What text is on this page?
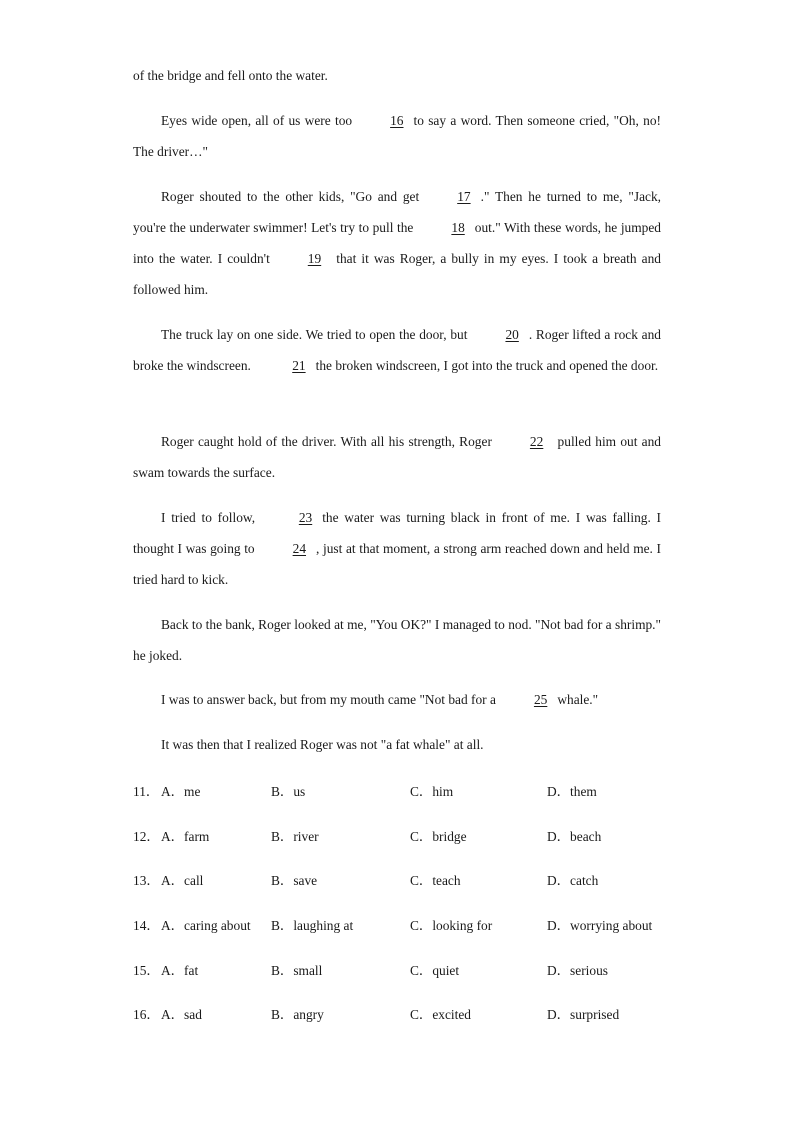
of the bridge and fell onto the water.

Eyes wide open, all of us were too	16 to say a word. Then someone cried, "Oh, no! The driver…"

Roger shouted to the other kids, "Go and get	17 ." Then he turned to me, "Jack, you're the underwater swimmer! Let's try to pull the	18 out." With these words, he jumped into the water. I couldn't	19 that it was Roger, a bully in my eyes. I took a breath and followed him.

The truck lay on one side. We tried to open the door, but	20 . Roger lifted a rock and broke the windscreen.	21 the broken windscreen, I got into the truck and opened the door.

Roger caught hold of the driver. With all his strength, Roger	22 pulled him out and swam towards the surface.

I tried to follow,	23 the water was turning black in front of me. I was falling. I thought I was going to	24 , just at that moment, a strong arm reached down and held me. I tried hard to kick.

Back to the bank, Roger looked at me, "You OK?" I managed to nod. "Not bad for a shrimp." he joked.

I was to answer back, but from my mouth came "Not bad for a	25 whale."

It was then that I realized Roger was not "a fat whale" at all.

11． A．me	B．us	C．him	D．them
12． A．farm	B．river	C．bridge	D．beach
13． A．call	B．save	C．teach	D．catch
14． A．caring about B．laughing at	C．looking for	D．worrying about
15． A．fat	B．small	C．quiet	D．serious
16． A．sad	B．angry	C．excited	D．surprised
